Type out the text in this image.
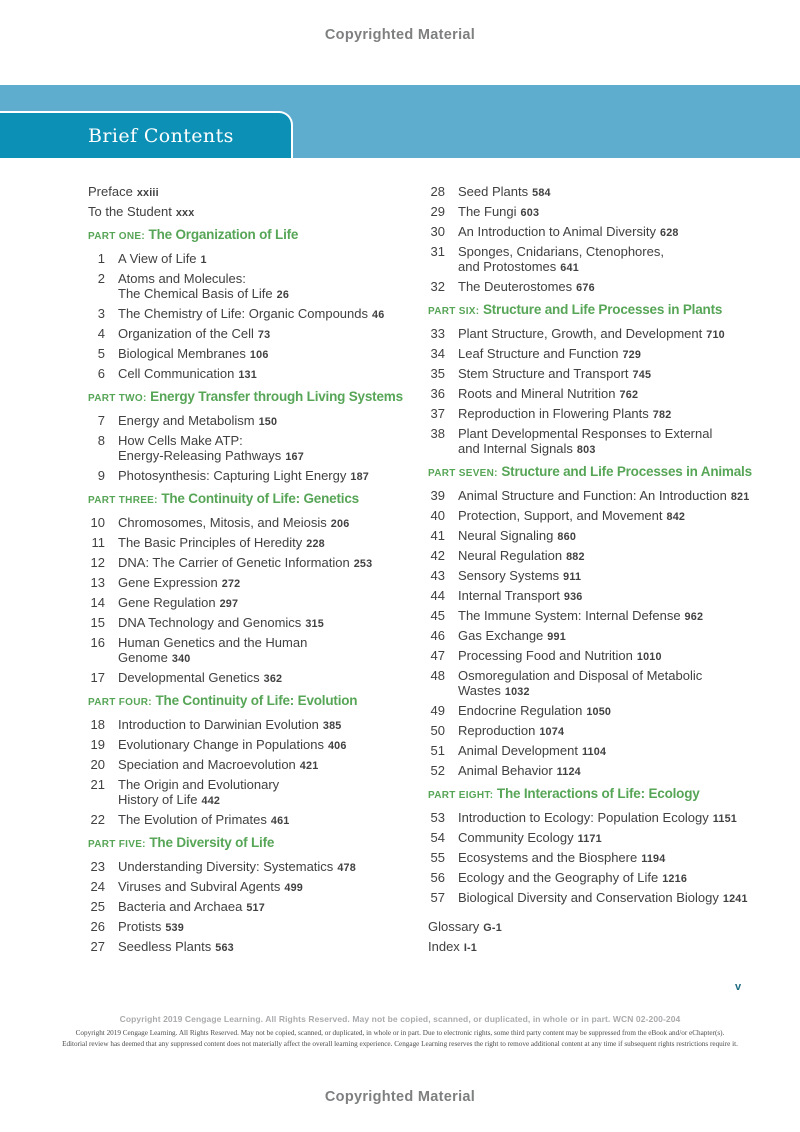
Copyrighted Material
Brief Contents
Preface xxiii
To the Student xxx
PART ONE: The Organization of Life
1 A View of Life 1
2 Atoms and Molecules:
The Chemical Basis of Life 26
3 The Chemistry of Life: Organic Compounds 46
4 Organization of the Cell 73
5 Biological Membranes 106
6 Cell Communication 131
PART TWO: Energy Transfer through Living Systems
7 Energy and Metabolism 150
8 How Cells Make ATP:
Energy-Releasing Pathways 167
9 Photosynthesis: Capturing Light Energy 187
PART THREE: The Continuity of Life: Genetics
10 Chromosomes, Mitosis, and Meiosis 206
11 The Basic Principles of Heredity 228
12 DNA: The Carrier of Genetic Information 253
13 Gene Expression 272
14 Gene Regulation 297
15 DNA Technology and Genomics 315
16 Human Genetics and the Human
Genome 340
17 Developmental Genetics 362
PART FOUR: The Continuity of Life: Evolution
18 Introduction to Darwinian Evolution 385
19 Evolutionary Change in Populations 406
20 Speciation and Macroevolution 421
21 The Origin and Evolutionary
History of Life 442
22 The Evolution of Primates 461
PART FIVE: The Diversity of Life
23 Understanding Diversity: Systematics 478
24 Viruses and Subviral Agents 499
25 Bacteria and Archaea 517
26 Protists 539
27 Seedless Plants 563
28 Seed Plants 584
29 The Fungi 603
30 An Introduction to Animal Diversity 628
31 Sponges, Cnidarians, Ctenophores,
and Protostomes 641
32 The Deuterostomes 676
PART SIX: Structure and Life Processes in Plants
33 Plant Structure, Growth, and Development 710
34 Leaf Structure and Function 729
35 Stem Structure and Transport 745
36 Roots and Mineral Nutrition 762
37 Reproduction in Flowering Plants 782
38 Plant Developmental Responses to External
and Internal Signals 803
PART SEVEN: Structure and Life Processes in Animals
39 Animal Structure and Function: An Introduction 821
40 Protection, Support, and Movement 842
41 Neural Signaling 860
42 Neural Regulation 882
43 Sensory Systems 911
44 Internal Transport 936
45 The Immune System: Internal Defense 962
46 Gas Exchange 991
47 Processing Food and Nutrition 1010
48 Osmoregulation and Disposal of Metabolic
Wastes 1032
49 Endocrine Regulation 1050
50 Reproduction 1074
51 Animal Development 1104
52 Animal Behavior 1124
PART EIGHT: The Interactions of Life: Ecology
53 Introduction to Ecology: Population Ecology 1151
54 Community Ecology 1171
55 Ecosystems and the Biosphere 1194
56 Ecology and the Geography of Life 1216
57 Biological Diversity and Conservation Biology 1241
Glossary G-1
Index I-1
v
Copyright 2019 Cengage Learning. All Rights Reserved. May not be copied, scanned, or duplicated, in whole or in part. WCN 02-200-204
Copyright 2019 Cengage Learning. All Rights Reserved. May not be copied, scanned, or duplicated, in whole or in part. Due to electronic rights, some third party content may be suppressed from the eBook and/or eChapter(s).
Editorial review has deemed that any suppressed content does not materially affect the overall learning experience. Cengage Learning reserves the right to remove additional content at any time if subsequent rights restrictions require it.
Copyrighted Material
